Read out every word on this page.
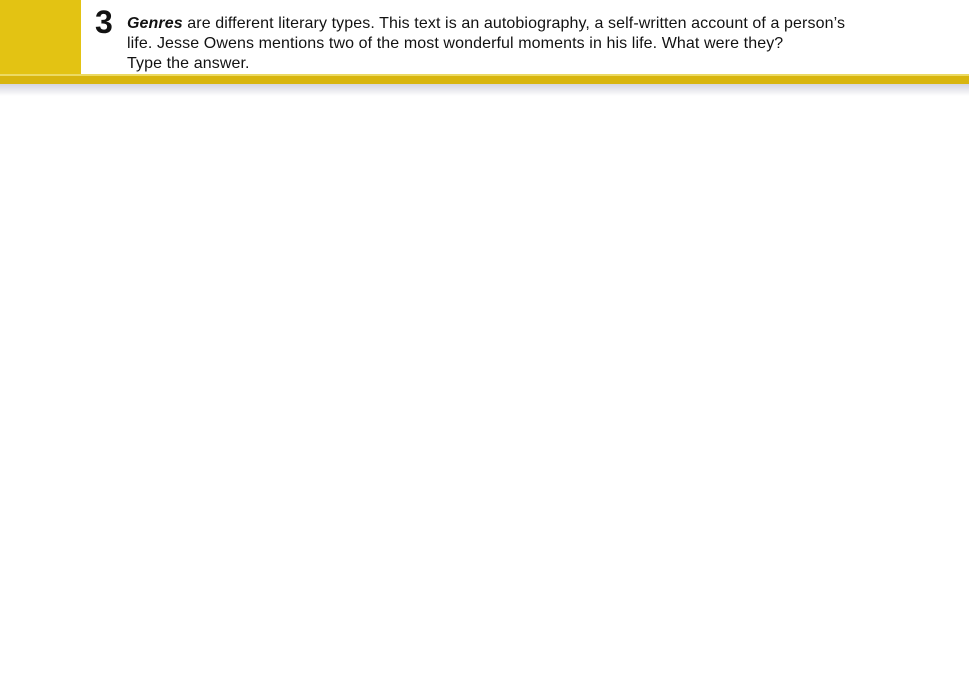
3 Genres are different literary types. This text is an autobiography, a self-written account of a person’s
life. Jesse Owens mentions two of the most wonderful moments in his life. What were they?
Type the answer.
